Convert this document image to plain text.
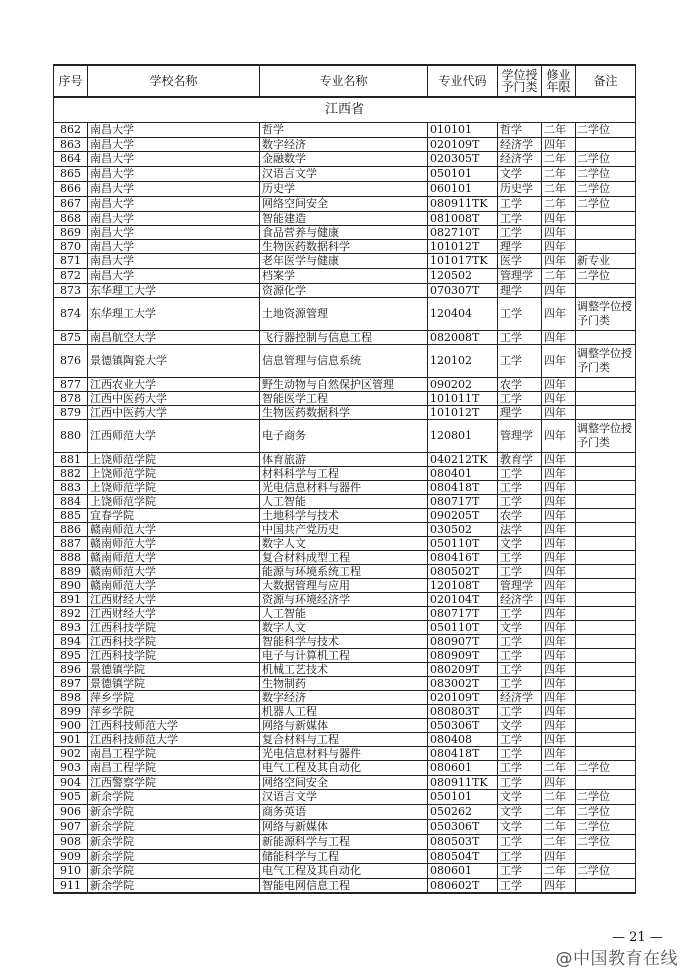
序号	学校名称	专业名称	专业代码	学位授予门类	修业年限	备注
江西省						
862	南昌大学	哲学	010101	哲学	二年	二学位
863	南昌大学	数字经济	020109T	经济学	四年	
864	南昌大学	金融数学	020305T	经济学	二年	二学位
865	南昌大学	汉语言文学	050101	文学	二年	二学位
866	南昌大学	历史学	060101	历史学	二年	二学位
867	南昌大学	网络空间安全	080911TK	工学	二年	二学位
868	南昌大学	智能建造	081008T	工学	四年	
869	南昌大学	食品营养与健康	082710T	工学	四年	
870	南昌大学	生物医药数据科学	101012T	理学	四年	
871	南昌大学	老年医学与健康	101017TK	医学	四年	新专业
872	南昌大学	档案学	120502	管理学	二年	二学位
873	东华理工大学	资源化学	070307T	理学	四年	
874	东华理工大学	土地资源管理	120404	工学	四年	调整学位授予门类
875	南昌航空大学	飞行器控制与信息工程	082008T	工学	四年	
876	景德镇陶瓷大学	信息管理与信息系统	120102	工学	四年	调整学位授予门类
877	江西农业大学	野生动物与自然保护区管理	090202	农学	四年	
878	江西中医药大学	智能医学工程	101011T	工学	四年	
879	江西中医药大学	生物医药数据科学	101012T	理学	四年	
880	江西师范大学	电子商务	120801	管理学	四年	调整学位授予门类
881	上饶师范学院	体育旅游	040212TK	教育学	四年	
882	上饶师范学院	材料科学与工程	080401	工学	四年	
883	上饶师范学院	光电信息材料与器件	080418T	工学	四年	
884	上饶师范学院	人工智能	080717T	工学	四年	
885	宜春学院	土地科学与技术	090205T	农学	四年	
886	赣南师范大学	中国共产党历史	030502	法学	四年	
887	赣南师范大学	数字人文	050110T	文学	四年	
888	赣南师范大学	复合材料成型工程	080416T	工学	四年	
889	赣南师范大学	能源与环境系统工程	080502T	工学	四年	
890	赣南师范大学	大数据管理与应用	120108T	管理学	四年	
891	江西财经大学	资源与环境经济学	020104T	经济学	四年	
892	江西财经大学	人工智能	080717T	工学	四年	
893	江西科技学院	数字人文	050110T	文学	四年	
894	江西科技学院	智能科学与技术	080907T	工学	四年	
895	江西科技学院	电子与计算机工程	080909T	工学	四年	
896	景德镇学院	机械工艺技术	080209T	工学	四年	
897	景德镇学院	生物制药	083002T	工学	四年	
898	萍乡学院	数字经济	020109T	经济学	四年	
899	萍乡学院	机器人工程	080803T	工学	四年	
900	江西科技师范大学	网络与新媒体	050306T	文学	四年	
901	江西科技师范大学	复合材料与工程	080408	工学	四年	
902	南昌工程学院	光电信息材料与器件	080418T	工学	四年	
903	南昌工程学院	电气工程及其自动化	080601	工学	二年	二学位
904	江西警察学院	网络空间安全	080911TK	工学	四年	
905	新余学院	汉语言文学	050101	文学	二年	二学位
906	新余学院	商务英语	050262	文学	二年	二学位
907	新余学院	网络与新媒体	050306T	文学	二年	二学位
908	新余学院	新能源科学与工程	080503T	工学	二年	二学位
909	新余学院	储能科学与工程	080504T	工学	四年	
910	新余学院	电气工程及其自动化	080601	工学	二年	二学位
911	新余学院	智能电网信息工程	080602T	工学	四年	
— 21 —
@中国教育在线
